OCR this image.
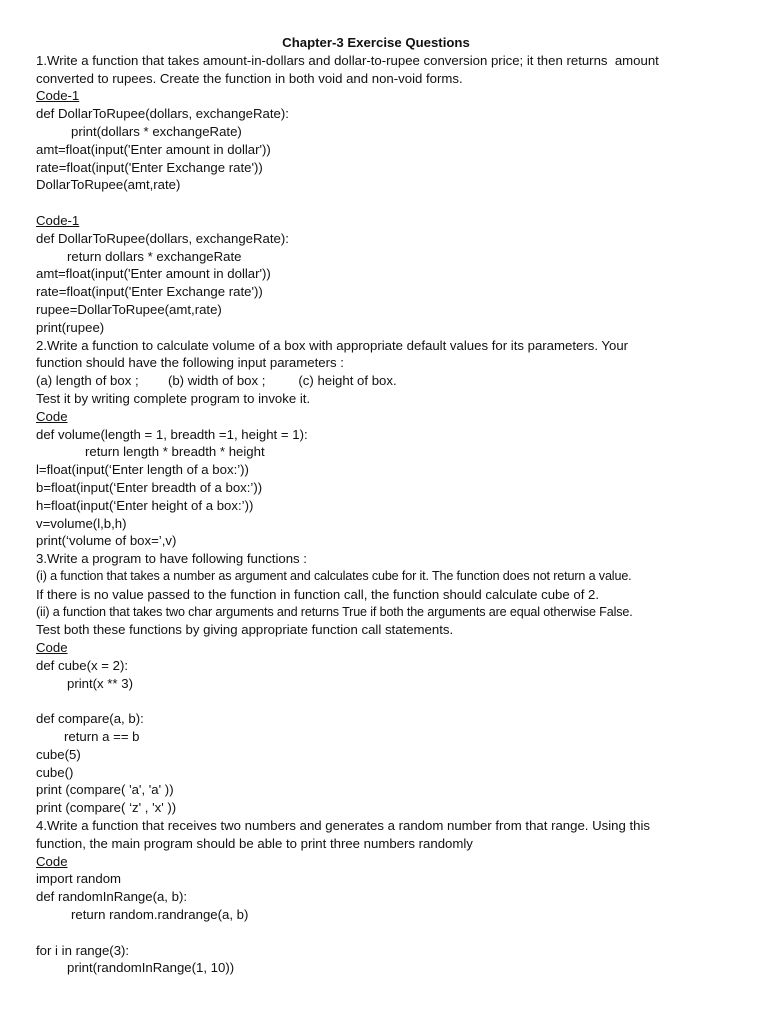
Chapter-3 Exercise Questions
1.Write a function that takes amount-in-dollars and dollar-to-rupee conversion price; it then returns  amount
converted to rupees. Create the function in both void and non-void forms.
Code-1
def DollarToRupee(dollars, exchangeRate):
print(dollars * exchangeRate)
amt=float(input('Enter amount in dollar'))
rate=float(input('Enter Exchange rate'))
DollarToRupee(amt,rate)
Code-1
def DollarToRupee(dollars, exchangeRate):
return dollars * exchangeRate
amt=float(input('Enter amount in dollar'))
rate=float(input('Enter Exchange rate'))
rupee=DollarToRupee(amt,rate)
print(rupee)
2.Write a function to calculate volume of a box with appropriate default values for its parameters. Your
function should have the following input parameters :
(a) length of box ;        (b) width of box ;         (c) height of box.
Test it by writing complete program to invoke it.
Code
def volume(length = 1, breadth =1, height = 1):
return length * breadth * height
l=float(input(‘Enter length of a box:’))
b=float(input(‘Enter breadth of a box:’))
h=float(input(‘Enter height of a box:’))
v=volume(l,b,h)
print(‘volume of box=’,v)
3.Write a program to have following functions :
(i) a function that takes a number as argument and calculates cube for it. The function does not return a value.
If there is no value passed to the function in function call, the function should calculate cube of 2.
(ii) a function that takes two char arguments and returns True if both the arguments are equal otherwise False.
Test both these functions by giving appropriate function call statements.
Code
def cube(x = 2):
print(x ** 3)
def compare(a, b):
return a == b
cube(5)
cube()
print (compare( 'a', 'a' ))
print (compare( ‘z' , 'x' ))
4.Write a function that receives two numbers and generates a random number from that range. Using this
function, the main program should be able to print three numbers randomly
Code
import random
def randomInRange(a, b):
return random.randrange(a, b)
for i in range(3):
print(randomInRange(1, 10))
